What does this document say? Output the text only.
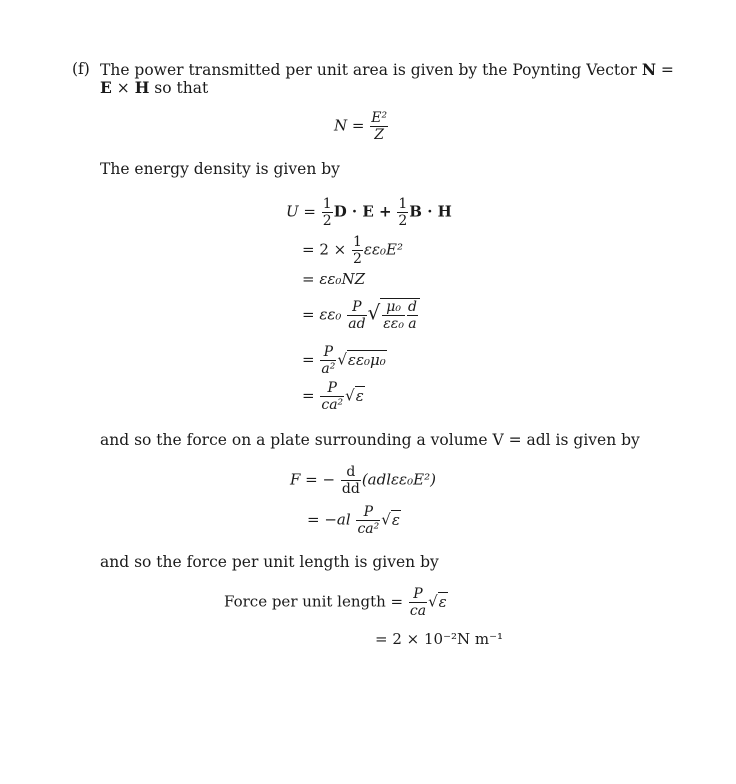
(f) The power transmitted per unit area is given by the Poynting Vector N =
E × H so that
$N = \frac{\text{E²}}{Z}$
The energy density is given by
$U = \frac{1}{2}$ $D \cdot E + \frac{1}{2}$ B · H
= $2 \times \frac{1}{2} \varepsilon\varepsilon_0E^2$
= εε₀NZ
= $\varepsilon\varepsilon_0 \frac{P}{ad}$ √ $\frac{\text{μ₀}}{\text{εε₀}} \frac{d}{a}$
= $\frac{P}{\text{a²}} √\varepsilon\varepsilon_0\mu_0$
= $\frac{P}{\text{ca²}} √\varepsilon$
and so the force on a plate surrounding a volume V = adl is given by
F = − $\frac{d}{dd} (adl\varepsilon\varepsilon_0E^2)$
= $-al \frac{P}{\text{ca²}} √\varepsilon$
and so the force per unit length is given by
Force per unit length = $\frac{P}{ca} √\varepsilon$
= 2 × 10⁻²N m⁻¹
